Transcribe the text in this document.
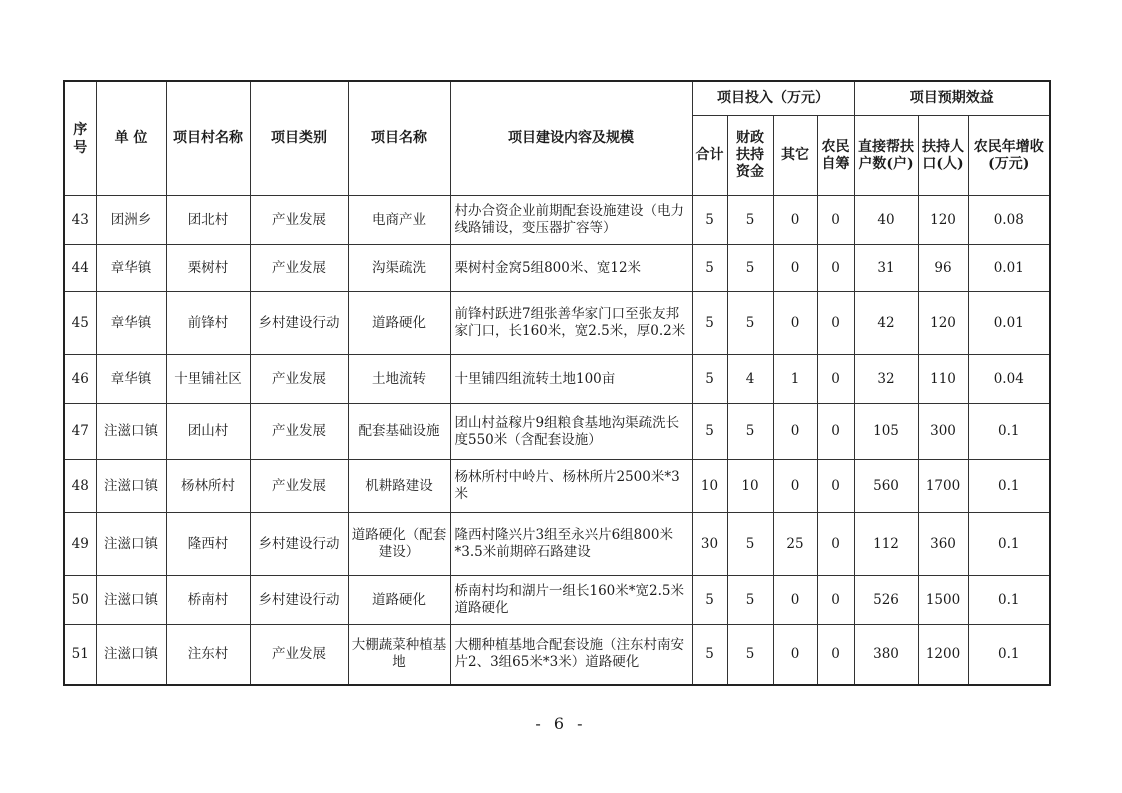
序号	单 位	项目村名称	项目类别	项目名称	项目建设内容及规模	项目投入（万元）				项目预期效益		
						合计	财政扶持资金	其它	农民自筹	直接帮扶户数(户)	扶持人口(人)	农民年增收(万元)
43	团洲乡	团北村	产业发展	电商产业	村办合资企业前期配套设施建设（电力线路铺设，变压器扩容等）	5	5	0	0	40	120	0.08
44	章华镇	栗树村	产业发展	沟渠疏洗	栗树村金窝5组800米、宽12米	5	5	0	0	31	96	0.01
45	章华镇	前锋村	乡村建设行动	道路硬化	前锋村跃进7组张善华家门口至张友邦家门口，长160米，宽2.5米，厚0.2米	5	5	0	0	42	120	0.01
46	章华镇	十里铺社区	产业发展	土地流转	十里铺四组流转土地100亩	5	4	1	0	32	110	0.04
47	注滋口镇	团山村	产业发展	配套基础设施	团山村益稼片9组粮食基地沟渠疏洗长度550米（含配套设施）	5	5	0	0	105	300	0.1
48	注滋口镇	杨林所村	产业发展	机耕路建设	杨林所村中岭片、杨林所片2500米*3米	10	10	0	0	560	1700	0.1
49	注滋口镇	隆西村	乡村建设行动	道路硬化（配套建设）	隆西村隆兴片3组至永兴片6组800米*3.5米前期碎石路建设	30	5	25	0	112	360	0.1
50	注滋口镇	桥南村	乡村建设行动	道路硬化	桥南村均和湖片一组长160米*宽2.5米道路硬化	5	5	0	0	526	1500	0.1
51	注滋口镇	注东村	产业发展	大棚蔬菜种植基地	大棚种植基地合配套设施（注东村南安片2、3组65米*3米）道路硬化	5	5	0	0	380	1200	0.1
- 6 -
